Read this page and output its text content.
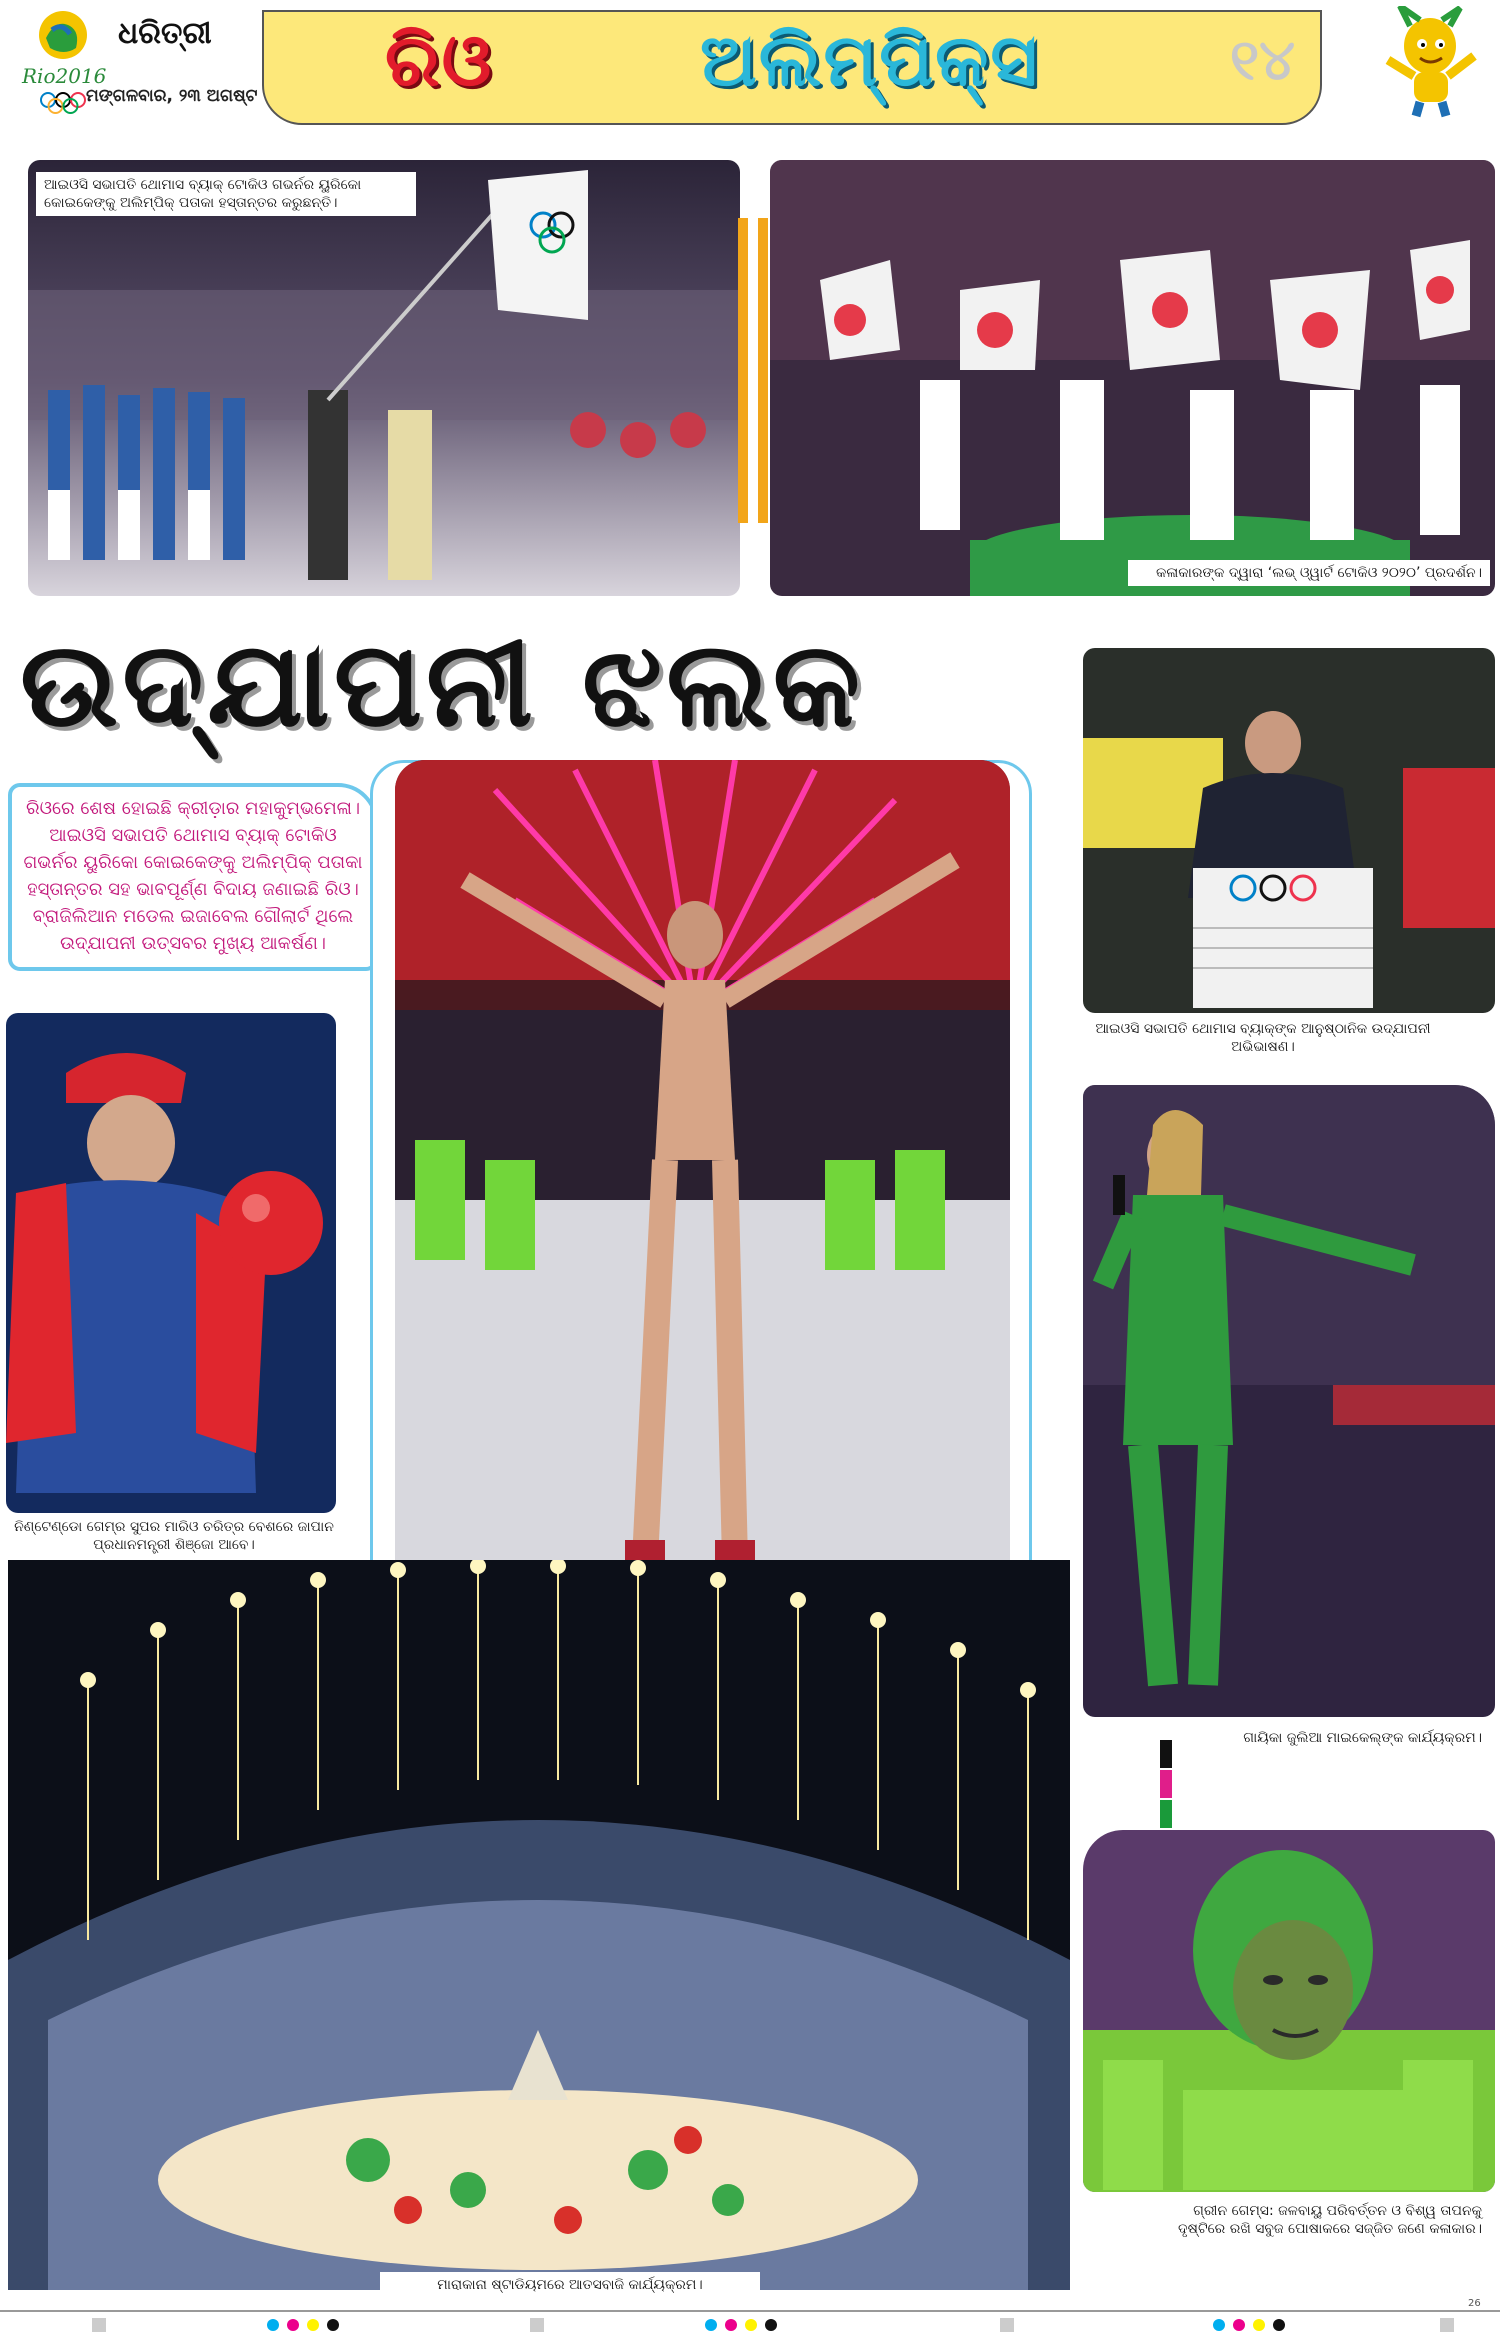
Rio2016
ଧରିତ୍ରୀ
ମଙ୍ଗଳବାର, ୨୩ ଅଗଷ୍ଟ ରିଓ	ଅଲିମ୍ପିକ୍ସ	୧୪
ଆଇଓସି ସଭାପତି ଥୋମାସ ବ୍ୟାକ୍ ଟୋକିଓ ଗଭର୍ନର ୟୁରିକୋ କୋଇକେଙ୍କୁ ଅଲିମ୍ପିକ୍ ପତାକା ହସ୍ତାନ୍ତର କରୁଛନ୍ତି।
କଳାକାରଙ୍କ ଦ୍ୱାରା ‘ଲଭ୍ ଓ୍ୱାର୍ଟ ଟୋକିଓ ୨୦୨୦’ ପ୍ରଦର୍ଶନ।
ଉଦ୍‌ଯାପନୀ ଝଲକ
ରିଓରେ ଶେଷ ହୋଇଛି କ୍ରୀଡ଼ାର ମହାକୁମ୍ଭମେଳା। ଆଇଓସି ସଭାପତି ଥୋମାସ ବ୍ୟାକ୍ ଟୋକିଓ ଗଭର୍ନର ୟୁରିକୋ କୋଇକେଙ୍କୁ ଅଲିମ୍ପିକ୍ ପତାକା ହସ୍ତାନ୍ତର ସହ ଭାବପୂର୍ଣ୍ଣ ବିଦାୟ ଜଣାଇଛି ରିଓ। ବ୍ରାଜିଲିଆନ ମଡେଲ ଇଜାବେଲ ଗୌଲାର୍ଟ ଥିଲେ ଉଦ୍‌ଯାପନୀ ଉତ୍ସବର ମୁଖ୍ୟ ଆକର୍ଷଣ।
ଆଇଓସି ସଭାପତି ଥୋମାସ ବ୍ୟାକ୍‌ଙ୍କ ଆନୁଷ୍ଠାନିକ ଉଦ୍‌ଯାପନୀ ଅଭିଭାଷଣ।
ନିଣ୍ଟେଣ୍ଡୋ ଗେମ୍‌ର ସୁପର ମାରିଓ ଚରିତ୍ର ବେଶରେ ଜାପାନ ପ୍ରଧାନମନ୍ତ୍ରୀ ଶିଞ୍ଜୋ ଆବେ।
ଗାୟିକା ଜୁଲିଆ ମାଇକେଲ୍‌ଙ୍କ କାର୍ଯ୍ୟକ୍ରମ।
ମାରାକାନା ଷ୍ଟାଡିୟମରେ ଆତସବାଜି କାର୍ଯ୍ୟକ୍ରମ।
ଗ୍ରୀନ ଗେମ୍ସ: ଜଳବାୟୁ ପରିବର୍ତ୍ତନ ଓ ବିଶ୍ୱ ତାପନକୁ ଦୃଷ୍ଟିରେ ରଖି ସବୁଜ ପୋଷାକରେ ସଜ୍ଜିତ ଜଣେ କଳାକାର।
26
